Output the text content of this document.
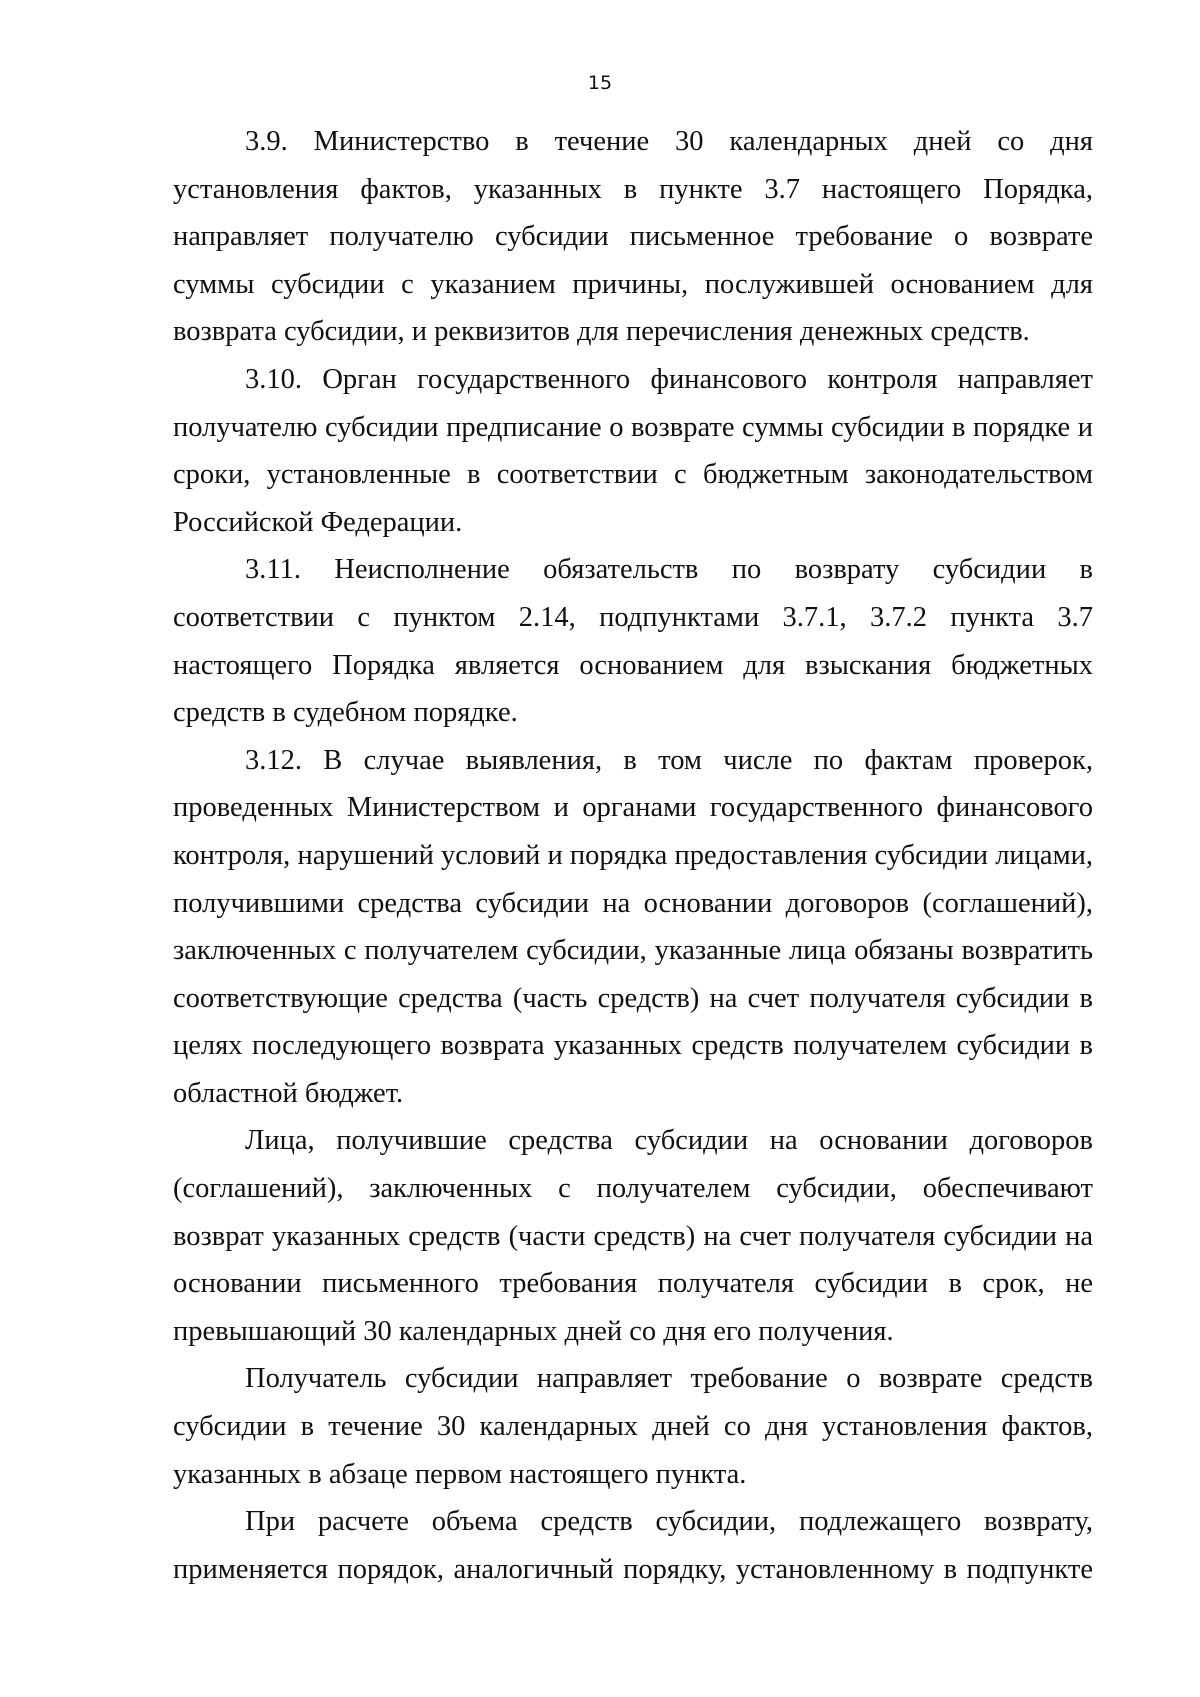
15

3.9. Министерство в течение 30 календарных дней со дня установления фактов, указанных в пункте 3.7 настоящего Порядка, направляет получателю субсидии письменное требование о возврате суммы субсидии с указанием причины, послужившей основанием для возврата субсидии, и реквизитов для перечисления денежных средств.

3.10. Орган государственного финансового контроля направляет получателю субсидии предписание о возврате суммы субсидии в порядке и сроки, установленные в соответствии с бюджетным законодательством Российской Федерации.

3.11. Неисполнение обязательств по возврату субсидии в соответствии с пунктом 2.14, подпунктами 3.7.1, 3.7.2 пункта 3.7 настоящего Порядка является основанием для взыскания бюджетных средств в судебном порядке.

3.12. В случае выявления, в том числе по фактам проверок, проведенных Министерством и органами государственного финансового контроля, нарушений условий и порядка предоставления субсидии лицами, получившими средства субсидии на основании договоров (соглашений), заключенных с получателем субсидии, указанные лица обязаны возвратить соответствующие средства (часть средств) на счет получателя субсидии в целях последующего возврата указанных средств получателем субсидии в областной бюджет.

Лица, получившие средства субсидии на основании договоров (соглашений), заключенных с получателем субсидии, обеспечивают возврат указанных средств (части средств) на счет получателя субсидии на основании письменного требования получателя субсидии в срок, не превышающий 30 календарных дней со дня его получения.

Получатель субсидии направляет требование о возврате средств субсидии в течение 30 календарных дней со дня установления фактов, указанных в абзаце первом настоящего пункта.

При расчете объема средств субсидии, подлежащего возврату, применяется порядок, аналогичный порядку, установленному в подпункте
